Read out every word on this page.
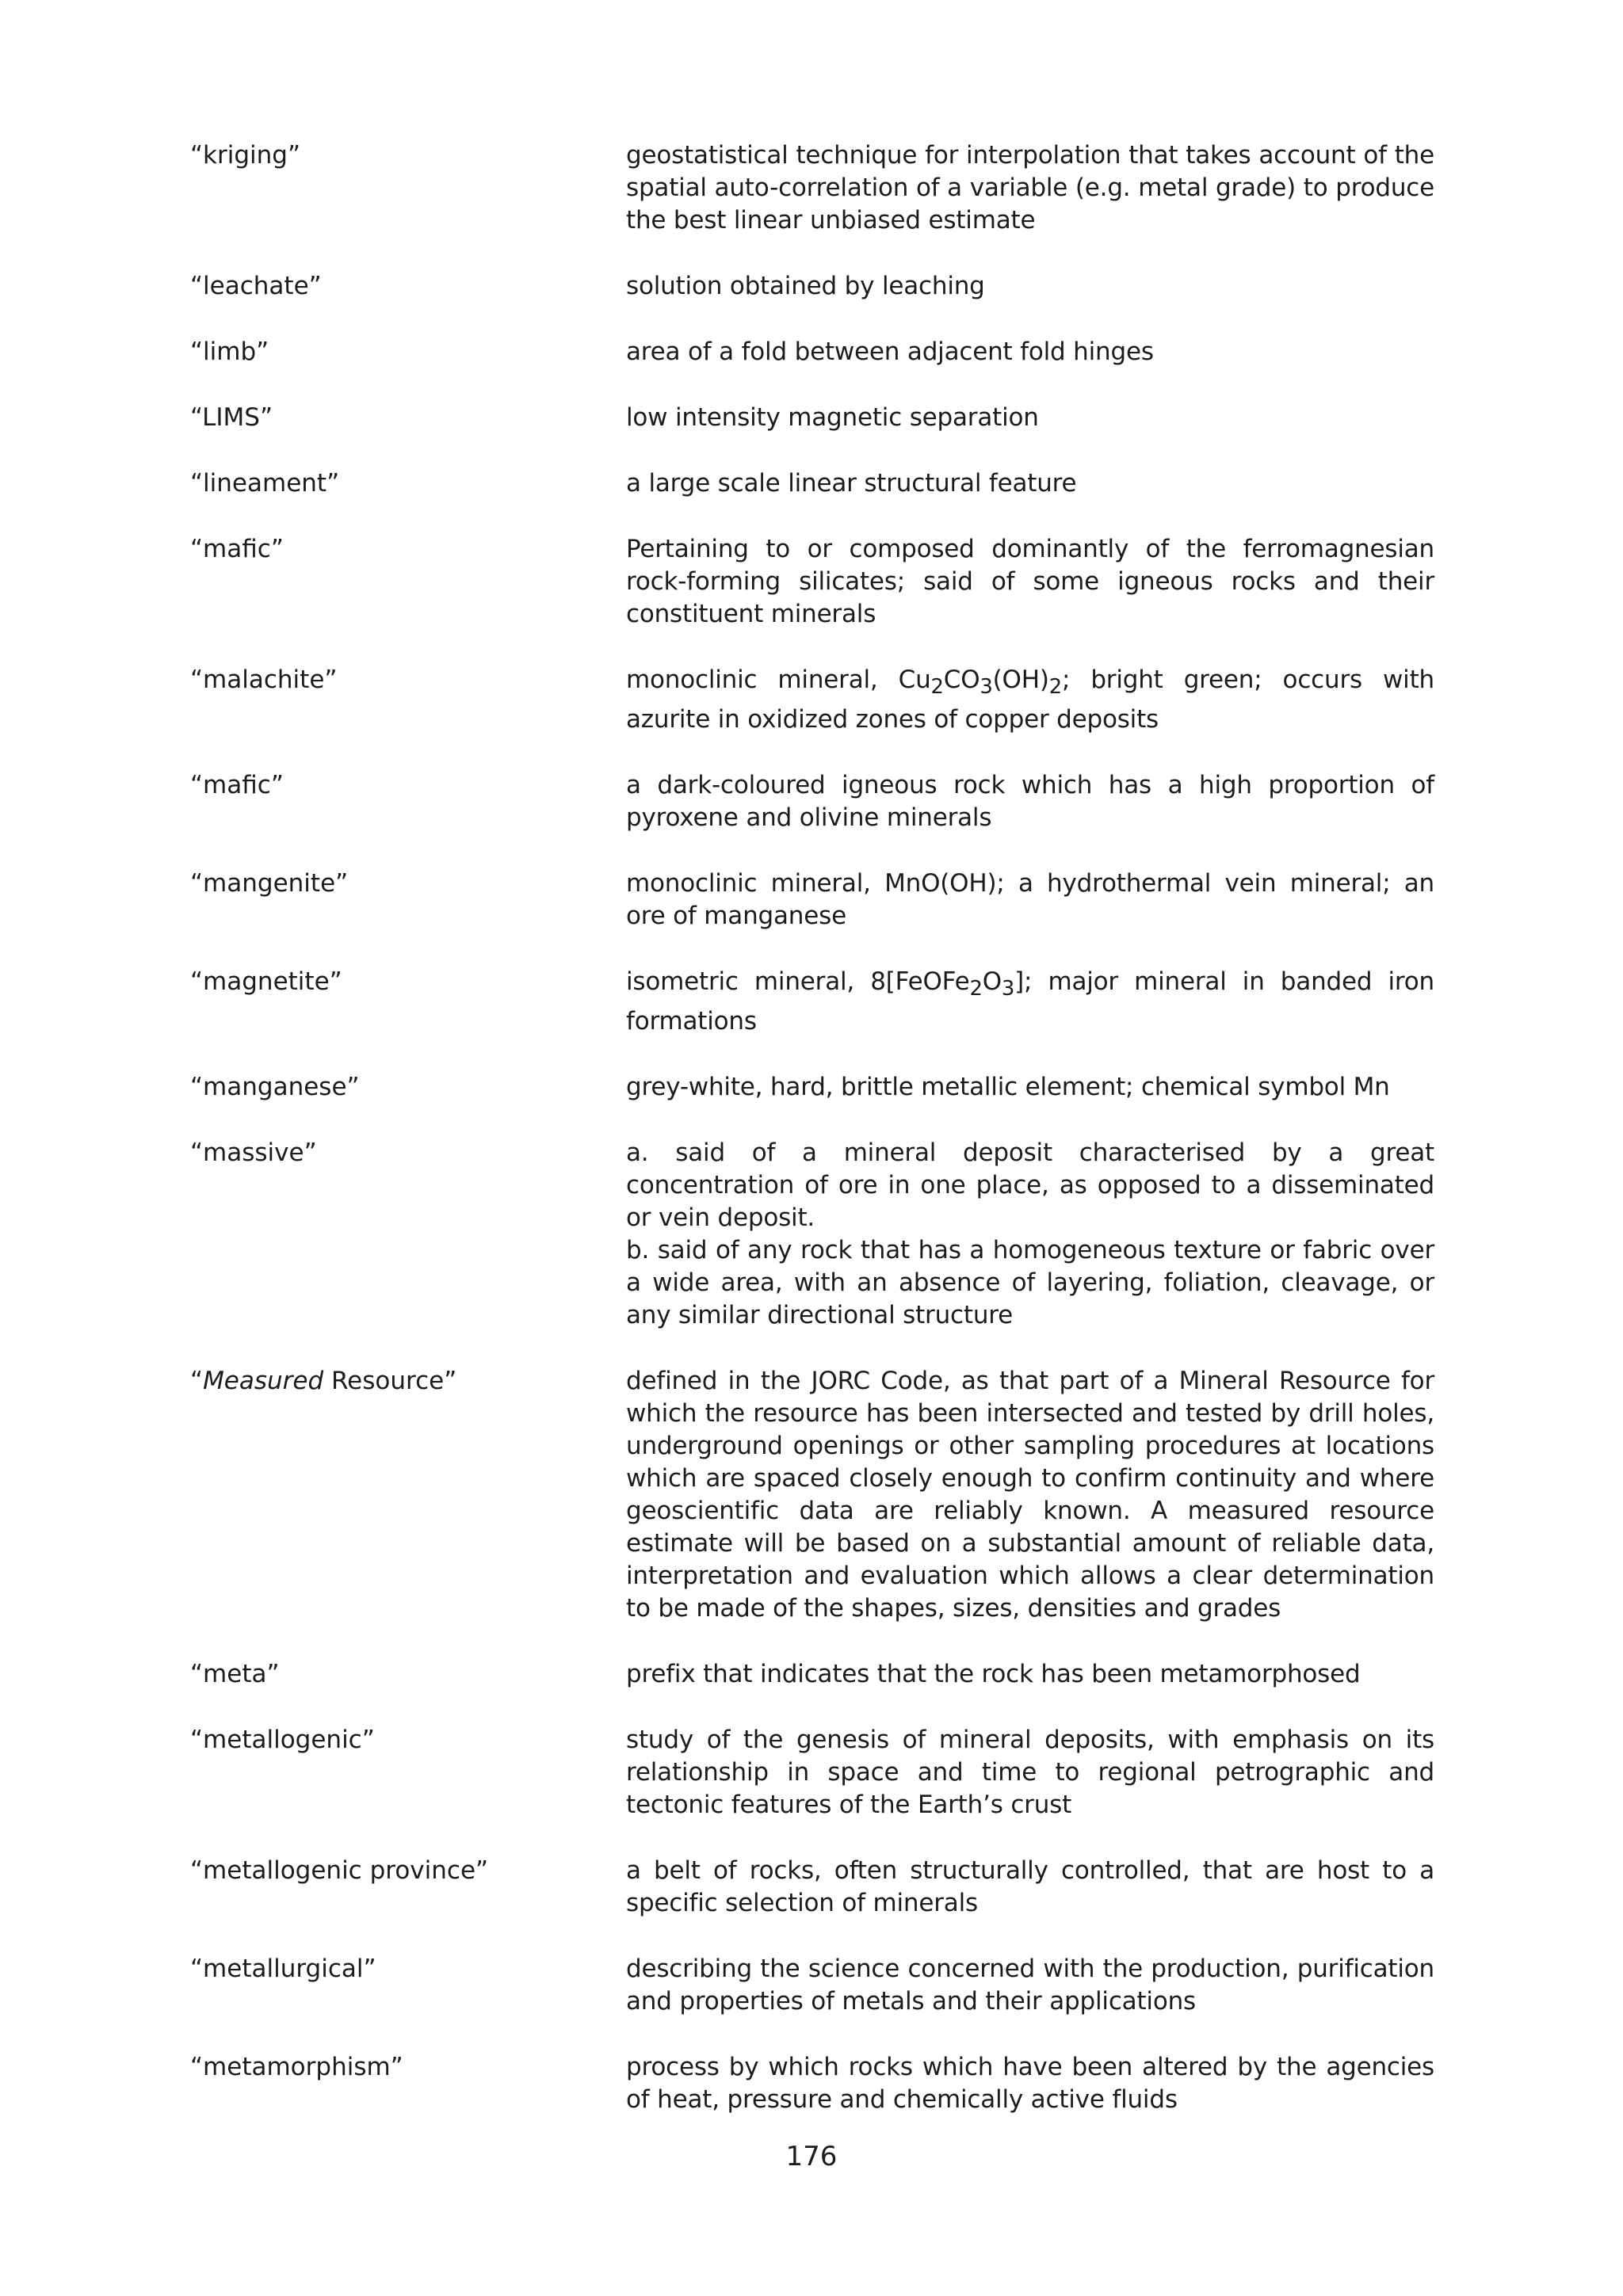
“kriging”	geostatistical technique for interpolation that takes account of the spatial auto-correlation of a variable (e.g. metal grade) to produce the best linear unbiased estimate
“leachate”	solution obtained by leaching
“limb”	area of a fold between adjacent fold hinges
“LIMS”	low intensity magnetic separation
“lineament”	a large scale linear structural feature
“mafic”	Pertaining to or composed dominantly of the ferromagnesian rock-forming silicates; said of some igneous rocks and their constituent minerals
“malachite”	monoclinic mineral, $Cu_2CO_3(OH)_2$; bright green; occurs with azurite in oxidized zones of copper deposits
“mafic”	a dark-coloured igneous rock which has a high proportion of pyroxene and olivine minerals
“mangenite”	monoclinic mineral, MnO(OH); a hydrothermal vein mineral; an ore of manganese
“magnetite”	isometric mineral, $8[FeOFe_2O_3]$; major mineral in banded iron formations
“manganese”	grey-white, hard, brittle metallic element; chemical symbol Mn
“massive”	a. said of a mineral deposit characterised by a great concentration of ore in one place, as opposed to a disseminated or vein deposit.
b. said of any rock that has a homogeneous texture or fabric over a wide area, with an absence of layering, foliation, cleavage, or any similar directional structure
“Measured Resource”	defined in the JORC Code, as that part of a Mineral Resource for which the resource has been intersected and tested by drill holes, underground openings or other sampling procedures at locations which are spaced closely enough to confirm continuity and where geoscientific data are reliably known. A measured resource estimate will be based on a substantial amount of reliable data, interpretation and evaluation which allows a clear determination to be made of the shapes, sizes, densities and grades
“meta”	prefix that indicates that the rock has been metamorphosed
“metallogenic”	study of the genesis of mineral deposits, with emphasis on its relationship in space and time to regional petrographic and tectonic features of the Earth’s crust
“metallogenic province”	a belt of rocks, often structurally controlled, that are host to a specific selection of minerals
“metallurgical”	describing the science concerned with the production, purification and properties of metals and their applications
“metamorphism”	process by which rocks which have been altered by the agencies of heat, pressure and chemically active fluids
176
